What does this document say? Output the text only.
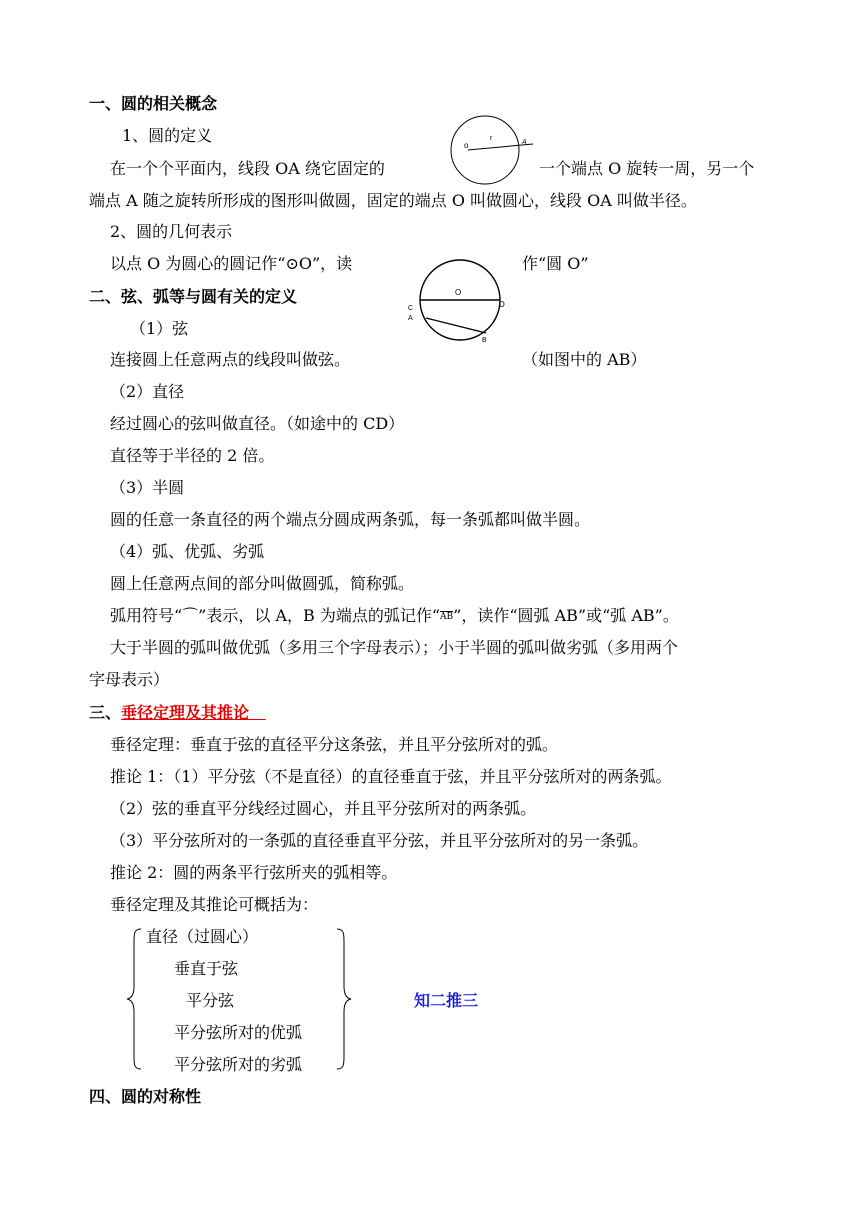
一、圆的相关概念
1、圆的定义
o
r
A
在一个个平面内，线段 OA 绕它固定的	一个端点 O 旋转一周，另一个
端点 A 随之旋转所形成的图形叫做圆，固定的端点 O 叫做圆心，线段 OA 叫做半径。
2、圆的几何表示
以点 O 为圆心的圆记作“⊙O”，读	作“圆 O”
二、弦、弧等与圆有关的定义	O
C
A
D
B
（1）弦
连接圆上任意两点的线段叫做弦。	（如图中的 AB）
（2）直径
经过圆心的弦叫做直径。（如途中的 CD）
直径等于半径的 2 倍。
（3）半圆
圆的任意一条直径的两个端点分圆成两条弧，每一条弧都叫做半圆。
（4）弧、优弧、劣弧
圆上任意两点间的部分叫做圆弧，简称弧。
弧用符号“⌒”表示，以 A，B 为端点的弧记作“$\overline{AB}$”，读作“圆弧 AB”或“弧 AB”。
大于半圆的弧叫做优弧（多用三个字母表示）；小于半圆的弧叫做劣弧（多用两个
字母表示）
三、垂径定理及其推论
垂径定理：垂直于弦的直径平分这条弦，并且平分弦所对的弧。
推论 1：（1）平分弦（不是直径）的直径垂直于弦，并且平分弦所对的两条弧。
（2）弦的垂直平分线经过圆心，并且平分弦所对的两条弧。
（3）平分弦所对的一条弧的直径垂直平分弦，并且平分弦所对的另一条弧。
推论 2：圆的两条平行弦所夹的弧相等。
垂径定理及其推论可概括为：
直径（过圆心）
垂直于弦
平分弦
平分弦所对的优弧
平分弦所对的劣弧
知二推三
四、圆的对称性
